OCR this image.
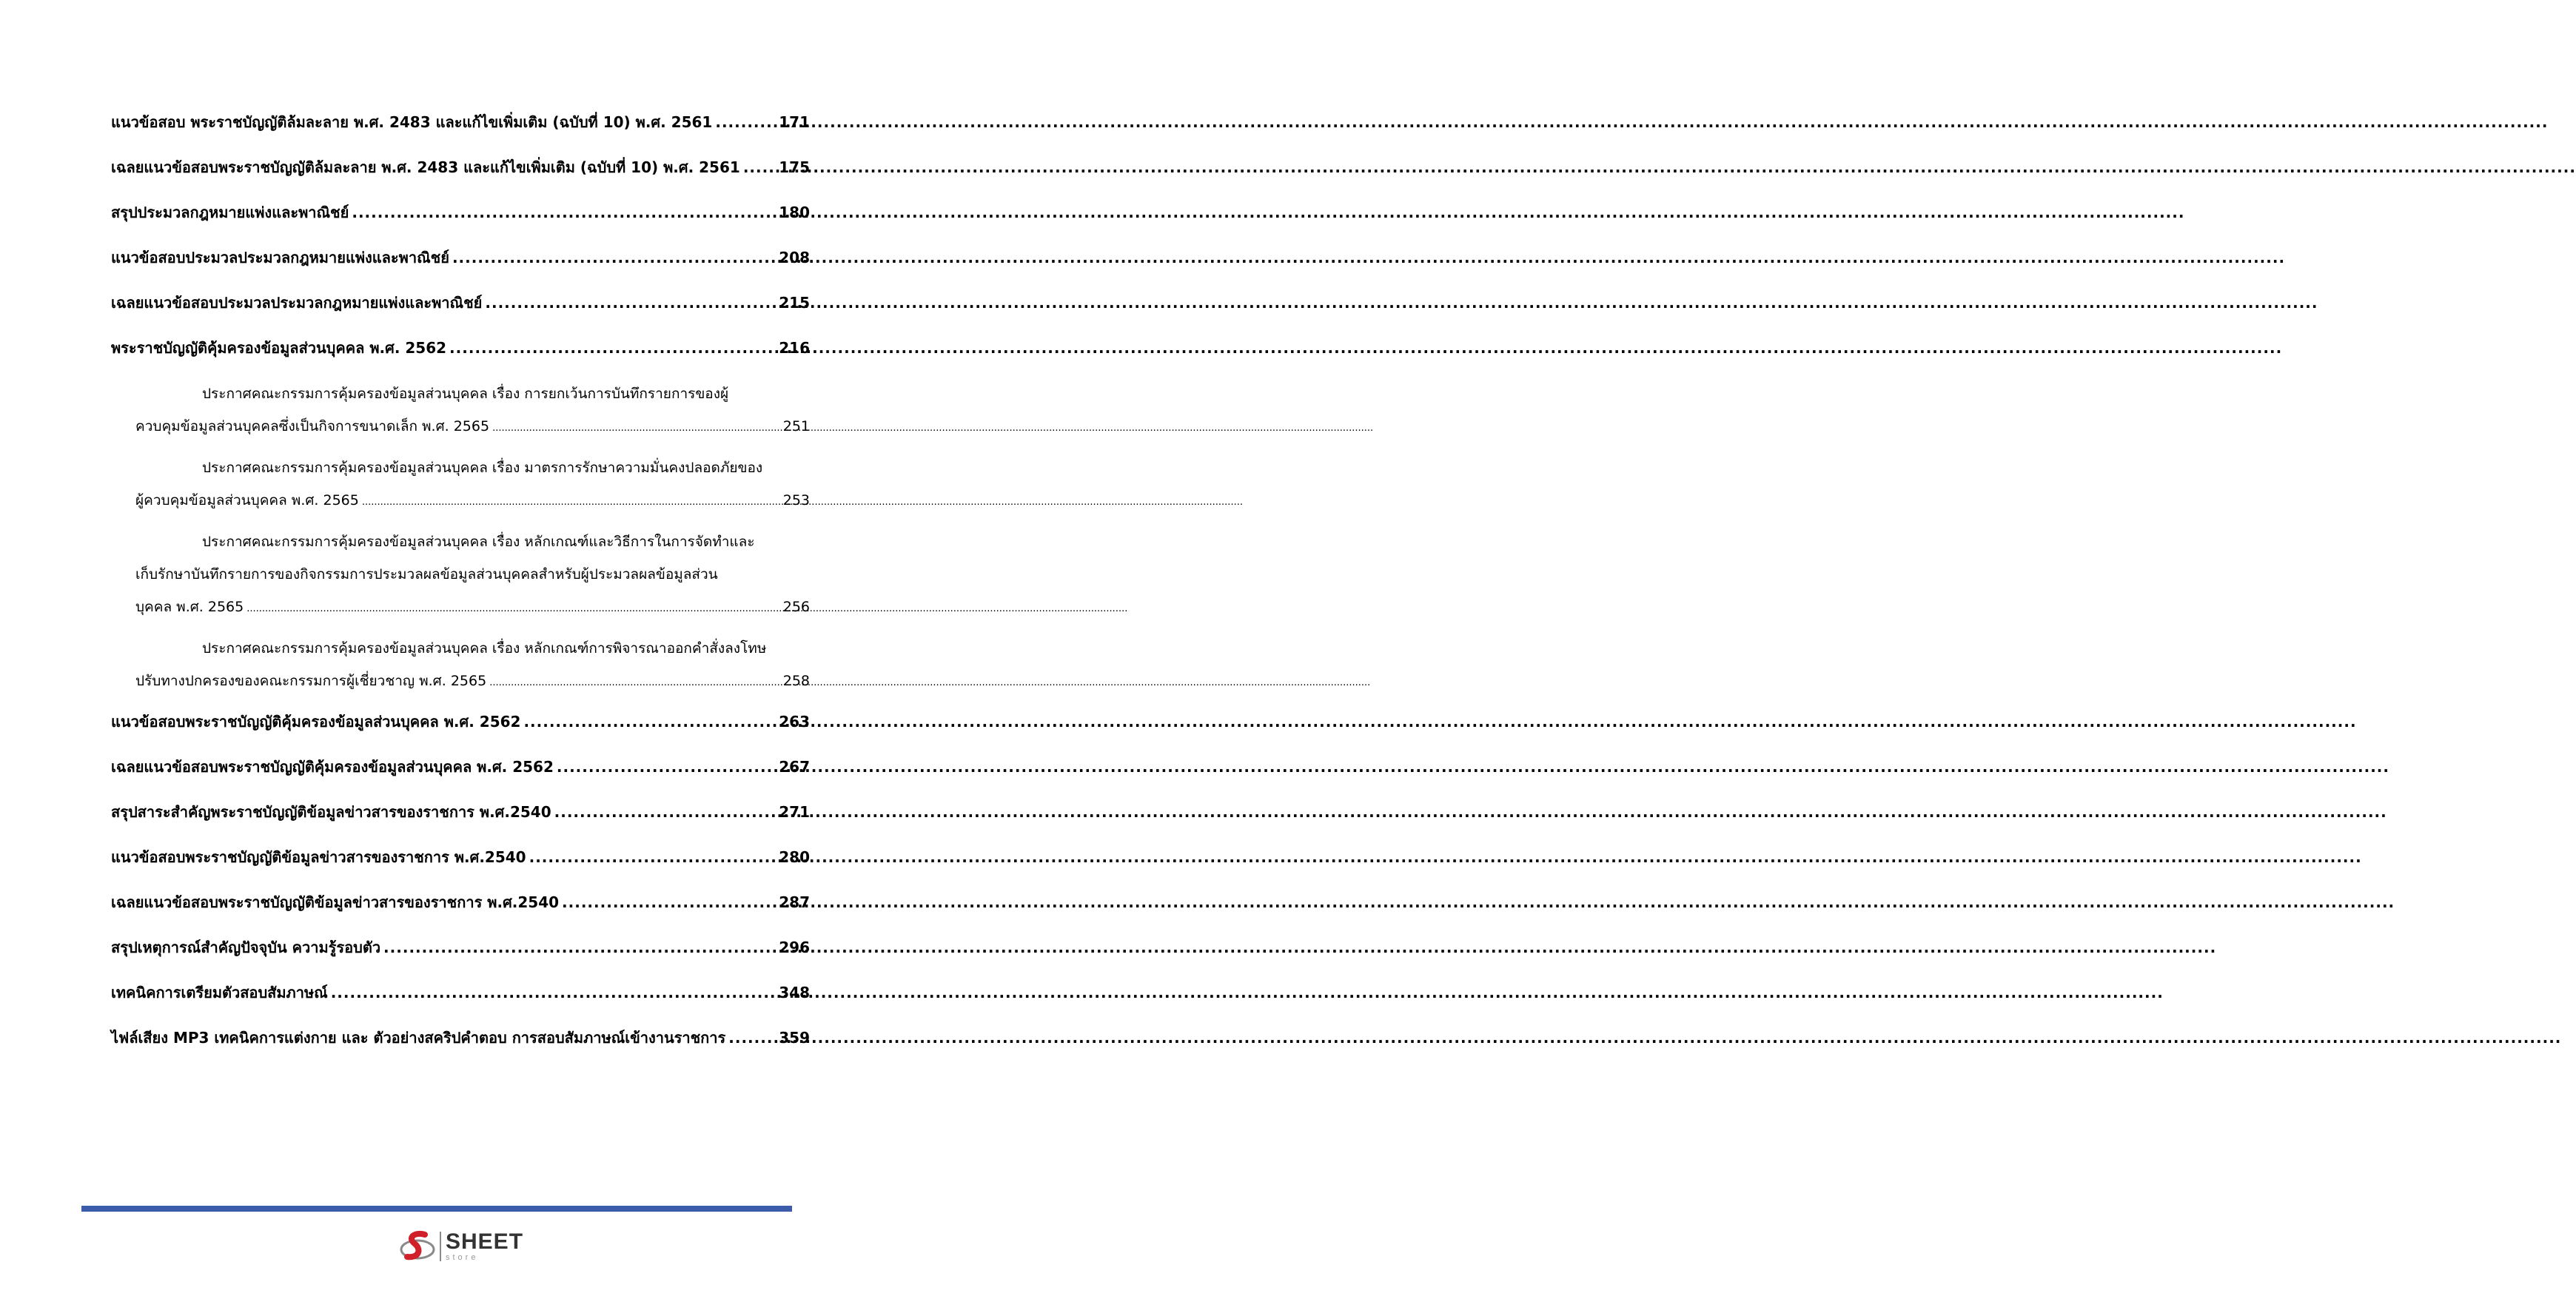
แนวข้อสอบ พระราชบัญญัติล้มละลาย พ.ศ. 2483 และแก้ไขเพิ่มเติม (ฉบับที่ 10) พ.ศ. 2561 .....	171
เฉลยแนวข้อสอบพระราชบัญญัติล้มละลาย พ.ศ. 2483 และแก้ไขเพิ่มเติม (ฉบับที่ 10) พ.ศ. 2561 .....	175
สรุปประมวลกฎหมายแพ่งและพาณิชย์ .....	180
แนวข้อสอบประมวลประมวลกฎหมายแพ่งและพาณิชย์ .....	208
เฉลยแนวข้อสอบประมวลประมวลกฎหมายแพ่งและพาณิชย์ .....	215
พระราชบัญญัติคุ้มครองข้อมูลส่วนบุคคล พ.ศ. 2562 .....	216
ประกาศคณะกรรมการคุ้มครองข้อมูลส่วนบุคคล เรื่อง การยกเว้นการบันทึกรายการของผู้
ควบคุมข้อมูลส่วนบุคคลซึ่งเป็นกิจการขนาดเล็ก พ.ศ. 2565 .....	251
ประกาศคณะกรรมการคุ้มครองข้อมูลส่วนบุคคล เรื่อง มาตรการรักษาความมั่นคงปลอดภัยของ
ผู้ควบคุมข้อมูลส่วนบุคคล พ.ศ. 2565 .....	253
ประกาศคณะกรรมการคุ้มครองข้อมูลส่วนบุคคล เรื่อง หลักเกณฑ์และวิธีการในการจัดทำและ
เก็บรักษาบันทึกรายการของกิจกรรมการประมวลผลข้อมูลส่วนบุคคลสำหรับผู้ประมวลผลข้อมูลส่วน
บุคคล พ.ศ. 2565 .....	256
ประกาศคณะกรรมการคุ้มครองข้อมูลส่วนบุคคล เรื่อง หลักเกณฑ์การพิจารณาออกคำสั่งลงโทษ
ปรับทางปกครองของคณะกรรมการผู้เชี่ยวชาญ พ.ศ. 2565 .....	258
แนวข้อสอบพระราชบัญญัติคุ้มครองข้อมูลส่วนบุคคล พ.ศ. 2562 .....	263
เฉลยแนวข้อสอบพระราชบัญญัติคุ้มครองข้อมูลส่วนบุคคล พ.ศ. 2562 .....	267
สรุปสาระสำคัญพระราชบัญญัติข้อมูลข่าวสารของราชการ พ.ศ.2540 .....	271
แนวข้อสอบพระราชบัญญัติข้อมูลข่าวสารของราชการ พ.ศ.2540 .....	280
เฉลยแนวข้อสอบพระราชบัญญัติข้อมูลข่าวสารของราชการ พ.ศ.2540 .....	287
สรุปเหตุการณ์สำคัญปัจจุบัน ความรู้รอบตัว .....	296
เทคนิคการเตรียมตัวสอบสัมภาษณ์ .....	348
ไฟล์เสียง MP3 เทคนิคการแต่งกาย และ ตัวอย่างสคริปคำตอบ การสอบสัมภาษณ์เข้างานราชการ .....	359
SHEET
store
